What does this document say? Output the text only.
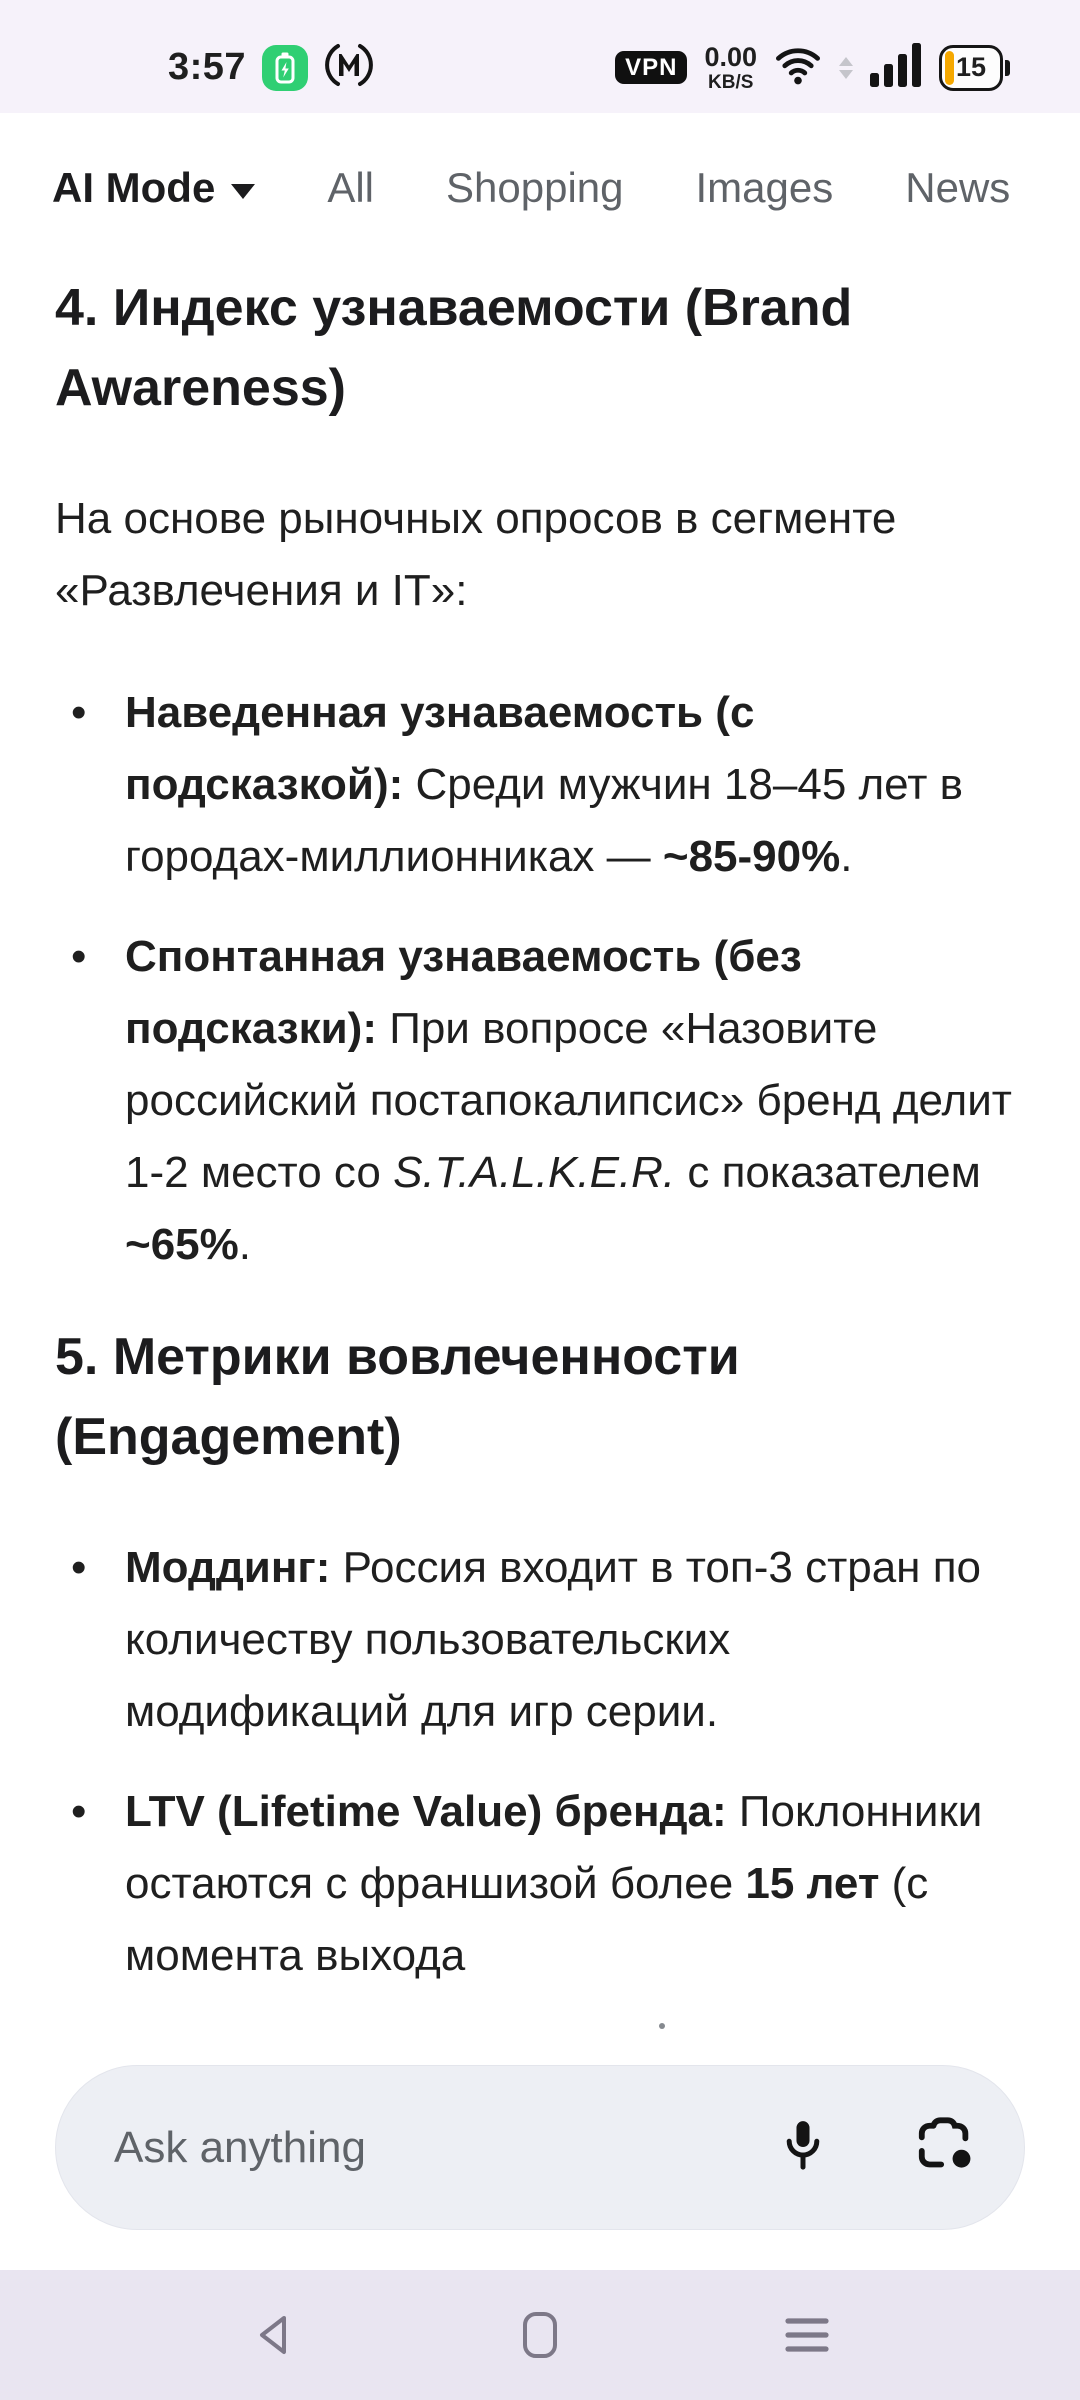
3:57	VPN	0.00
KB/S	15
AI Mode	All Shopping Images News
4. Индекс узнаваемости (Brand Awareness)
На основе рыночных опросов в сегменте «Развлечения и IT»:
• Наведенная узнаваемость (с подсказкой): Среди мужчин 18–45 лет в городах-миллионниках — ~85-90%.
• Спонтанная узнаваемость (без подсказки): При вопросе «Назовите российский постапокалипсис» бренд делит 1-2 место со S.T.A.L.K.E.R. с показателем ~65%.
5. Метрики вовлеченности (Engagement)
• Моддинг: Россия входит в топ-3 стран по количеству пользовательских модификаций для игр серии.
• LTV (Lifetime Value) бренда: Поклонники остаются с франшизой более 15 лет (с момента выхода
Ask anything
